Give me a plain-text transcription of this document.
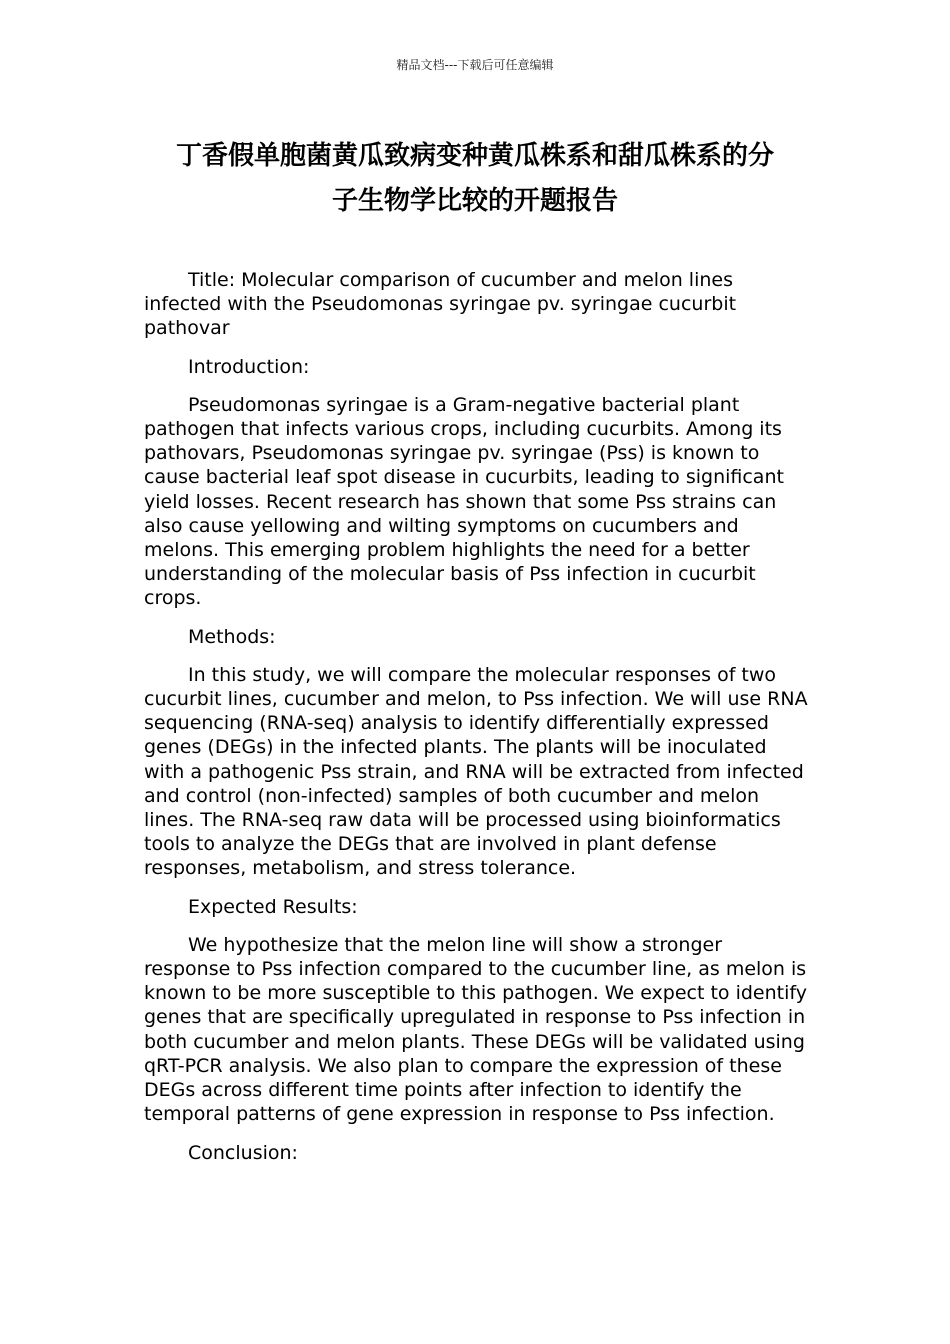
精品文档---下载后可任意编辑
丁香假单胞菌黄瓜致病变种黄瓜株系和甜瓜株系的分
子生物学比较的开题报告

Title: Molecular comparison of cucumber and melon lines infected with the Pseudomonas syringae pv. syringae cucurbit pathovar

Introduction:

Pseudomonas syringae is a Gram-negative bacterial plant pathogen that infects various crops, including cucurbits. Among its pathovars, Pseudomonas syringae pv. syringae (Pss) is known to cause bacterial leaf spot disease in cucurbits, leading to significant yield losses. Recent research has shown that some Pss strains can also cause yellowing and wilting symptoms on cucumbers and melons. This emerging problem highlights the need for a better understanding of the molecular basis of Pss infection in cucurbit crops.

Methods:

In this study, we will compare the molecular responses of two cucurbit lines, cucumber and melon, to Pss infection. We will use RNA sequencing (RNA-seq) analysis to identify differentially expressed genes (DEGs) in the infected plants. The plants will be inoculated with a pathogenic Pss strain, and RNA will be extracted from infected and control (non-infected) samples of both cucumber and melon lines. The RNA-seq raw data will be processed using bioinformatics tools to analyze the DEGs that are involved in plant defense responses, metabolism, and stress tolerance.

Expected Results:

We hypothesize that the melon line will show a stronger response to Pss infection compared to the cucumber line, as melon is known to be more susceptible to this pathogen. We expect to identify genes that are specifically upregulated in response to Pss infection in both cucumber and melon plants. These DEGs will be validated using qRT-PCR analysis. We also plan to compare the expression of these DEGs across different time points after infection to identify the temporal patterns of gene expression in response to Pss infection.

Conclusion:
